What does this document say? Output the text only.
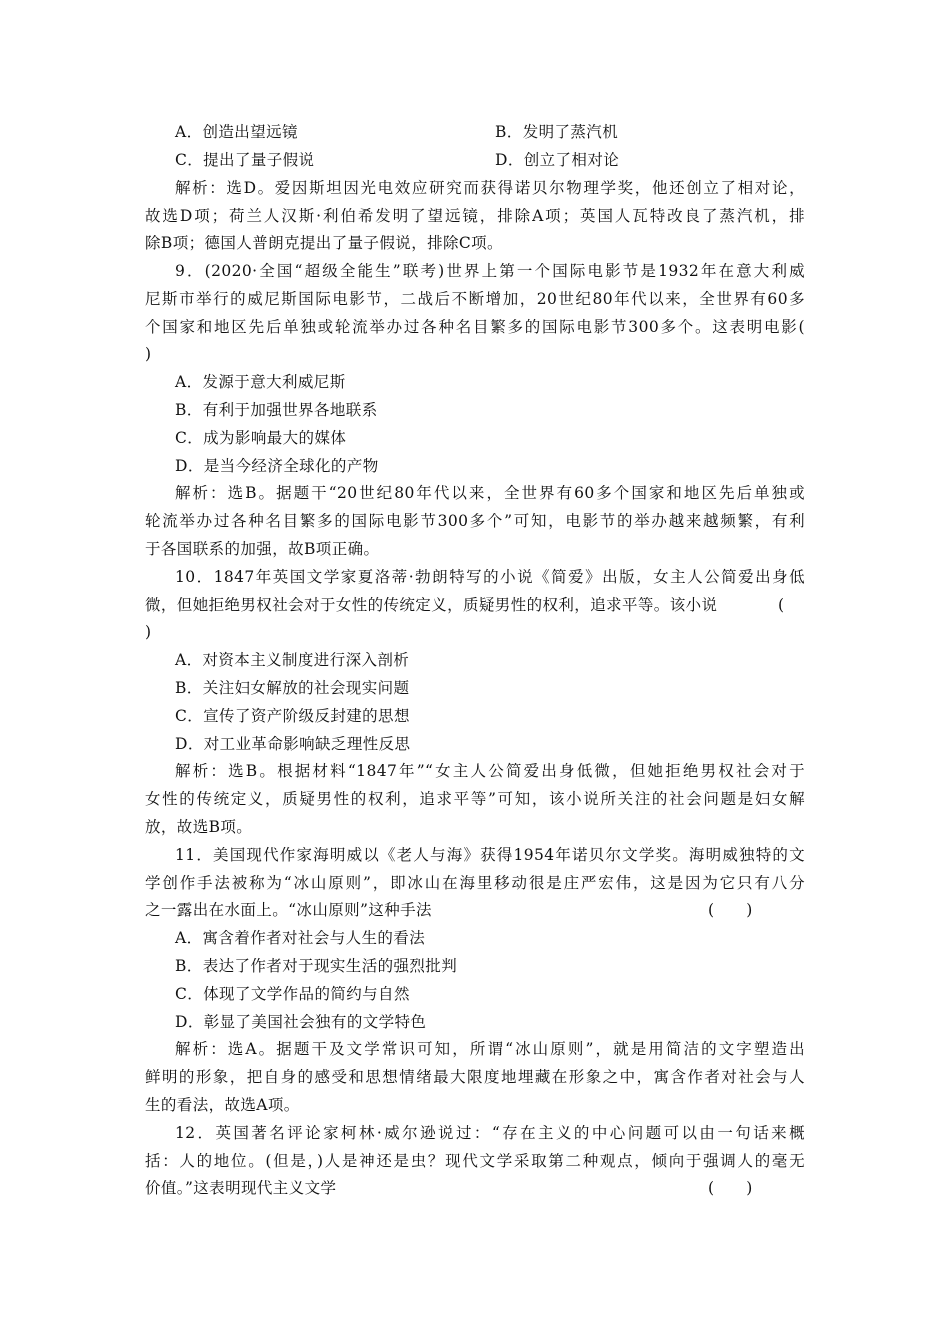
A．创造出望远镜	B．发明了蒸汽机
C．提出了量子假说	D．创立了相对论
解析：选D。爱因斯坦因光电效应研究而获得诺贝尔物理学奖，他还创立了相对论，
故选D项；荷兰人汉斯·利伯希发明了望远镜，排除A项；英国人瓦特改良了蒸汽机，排
除B项；德国人普朗克提出了量子假说，排除C项。
9．(2020·全国“超级全能生”联考)世界上第一个国际电影节是1932年在意大利威
尼斯市举行的威尼斯国际电影节，二战后不断增加，20世纪80年代以来，全世界有60多
个国家和地区先后单独或轮流举办过各种名目繁多的国际电影节300多个。这表明电影(
)
A．发源于意大利威尼斯
B．有利于加强世界各地联系
C．成为影响最大的媒体
D．是当今经济全球化的产物
解析：选B。据题干“20世纪80年代以来，全世界有60多个国家和地区先后单独或
轮流举办过各种名目繁多的国际电影节300多个”可知，电影节的举办越来越频繁，有利
于各国联系的加强，故B项正确。
10．1847年英国文学家夏洛蒂·勃朗特写的小说《简爱》出版，女主人公简爱出身低
微，但她拒绝男权社会对于女性的传统定义，质疑男性的权利，追求平等。该小说	(
)
A．对资本主义制度进行深入剖析
B．关注妇女解放的社会现实问题
C．宣传了资产阶级反封建的思想
D．对工业革命影响缺乏理性反思
解析：选B。根据材料“1847年”“女主人公简爱出身低微，但她拒绝男权社会对于
女性的传统定义，质疑男性的权利，追求平等”可知，该小说所关注的社会问题是妇女解
放，故选B项。
11．美国现代作家海明威以《老人与海》获得1954年诺贝尔文学奖。海明威独特的文
学创作手法被称为“冰山原则”，即冰山在海里移动很是庄严宏伟，这是因为它只有八分
之一露出在水面上。“冰山原则”这种手法	(　　)
A．寓含着作者对社会与人生的看法
B．表达了作者对于现实生活的强烈批判
C．体现了文学作品的简约与自然
D．彰显了美国社会独有的文学特色
解析：选A。据题干及文学常识可知，所谓“冰山原则”，就是用简洁的文字塑造出
鲜明的形象，把自身的感受和思想情绪最大限度地埋藏在形象之中，寓含作者对社会与人
生的看法，故选A项。
12．英国著名评论家柯林·威尔逊说过：“存在主义的中心问题可以由一句话来概
括：人的地位。(但是，)人是神还是虫？现代文学采取第二种观点，倾向于强调人的毫无
价值。”这表明现代主义文学	(　　)
